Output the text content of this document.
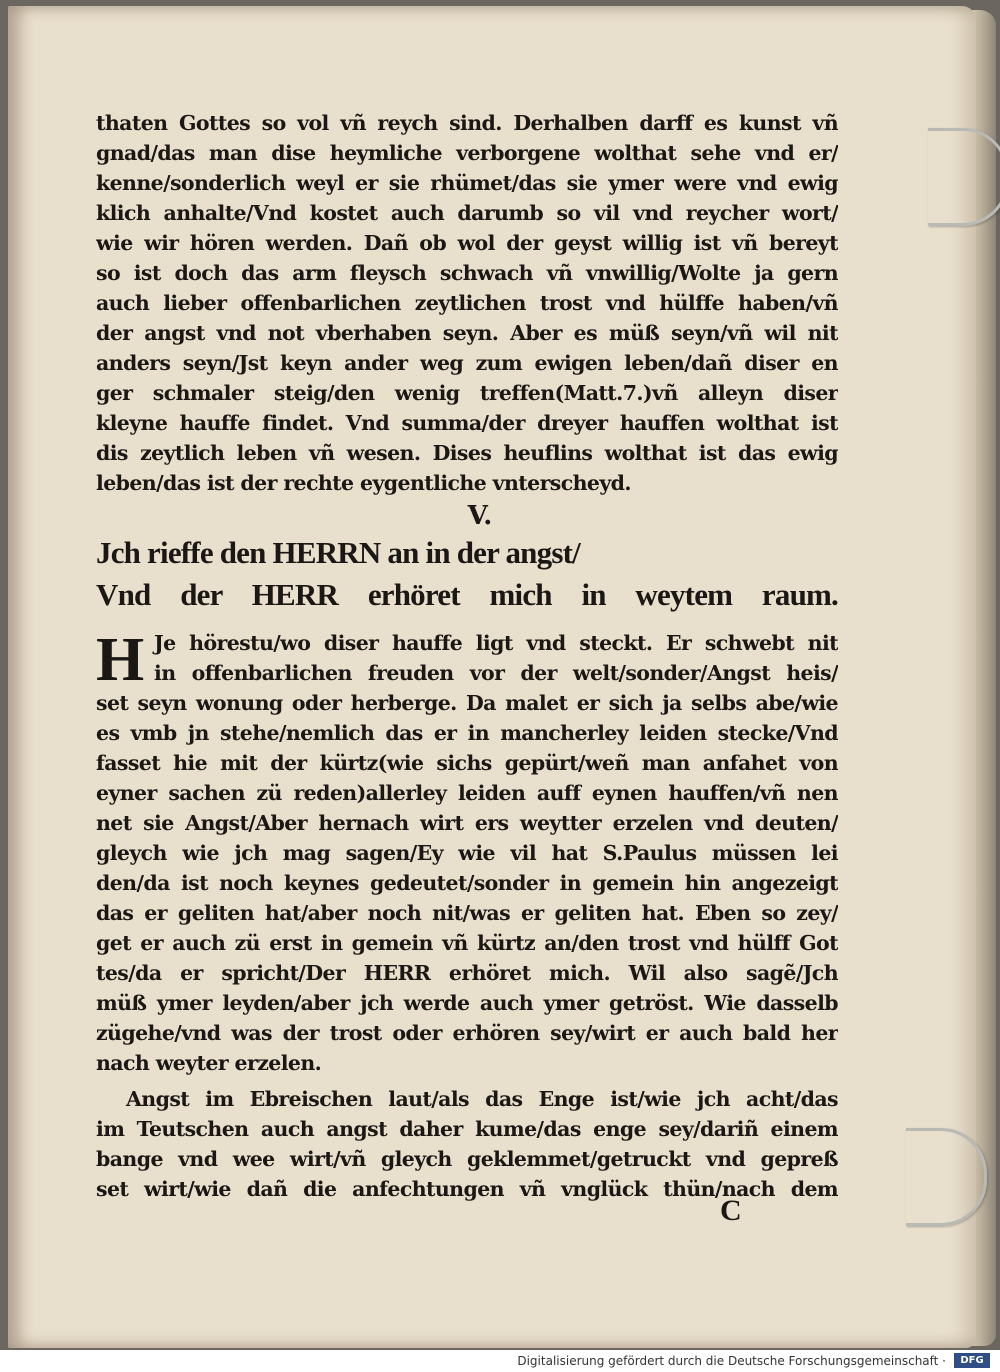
thaten Gottes so vol vñ reych sind. Derhalben darff es kunst vñ
gnad/das man dise heymliche verborgene wolthat sehe vnd er/
kenne/sonderlich weyl er sie rhümet/das sie ymer were vnd ewig
klich anhalte/Vnd kostet auch darumb so vil vnd reycher wort/
wie wir hören werden. Dañ ob wol der geyst willig ist vñ bereyt
so ist doch das arm fleysch schwach vñ vnwillig/Wolte ja gern
auch lieber offenbarlichen zeytlichen trost vnd hülffe haben/vñ
der angst vnd not vberhaben seyn. Aber es müß seyn/vñ wil nit
anders seyn/Jst keyn ander weg zum ewigen leben/dañ diser en
ger schmaler steig/den wenig treffen(Matt.7.)vñ alleyn diser
kleyne hauffe findet. Vnd summa/der dreyer hauffen wolthat ist
dis zeytlich leben vñ wesen. Dises heuflins wolthat ist das ewig
leben/das ist der rechte eygentliche vnterscheyd.
V.
Jch rieffe den HERRN an in der angst/
Vnd der HERR erhöret mich in weytem raum.
H Je hörestu/wo diser hauffe ligt vnd steckt. Er schwebt nit
in offenbarlichen freuden vor der welt/sonder/Angst heis/
set seyn wonung oder herberge. Da malet er sich ja selbs abe/wie
es vmb jn stehe/nemlich das er in mancherley leiden stecke/Vnd
fasset hie mit der kürtz(wie sichs gepürt/weñ man anfahet von
eyner sachen zü reden)allerley leiden auff eynen hauffen/vñ nen
net sie Angst/Aber hernach wirt ers weytter erzelen vnd deuten/
gleych wie jch mag sagen/Ey wie vil hat S.Paulus müssen lei
den/da ist noch keynes gedeutet/sonder in gemein hin angezeigt
das er geliten hat/aber noch nit/was er geliten hat. Eben so zey/
get er auch zü erst in gemein vñ kürtz an/den trost vnd hülff Got
tes/da er spricht/Der HERR erhöret mich. Wil also sagẽ/Jch
müß ymer leyden/aber jch werde auch ymer getröst. Wie dasselb
zügehe/vnd was der trost oder erhören sey/wirt er auch bald her
nach weyter erzelen.
Angst im Ebreischen laut/als das Enge ist/wie jch acht/das
im Teutschen auch angst daher kume/das enge sey/dariñ einem
bange vnd wee wirt/vñ gleych geklemmet/getruckt vnd gepreß
set wirt/wie dañ die anfechtungen vñ vnglück thün/nach dem
C
Digitalisierung gefördert durch die Deutsche Forschungsgemeinschaft ·	DFG
